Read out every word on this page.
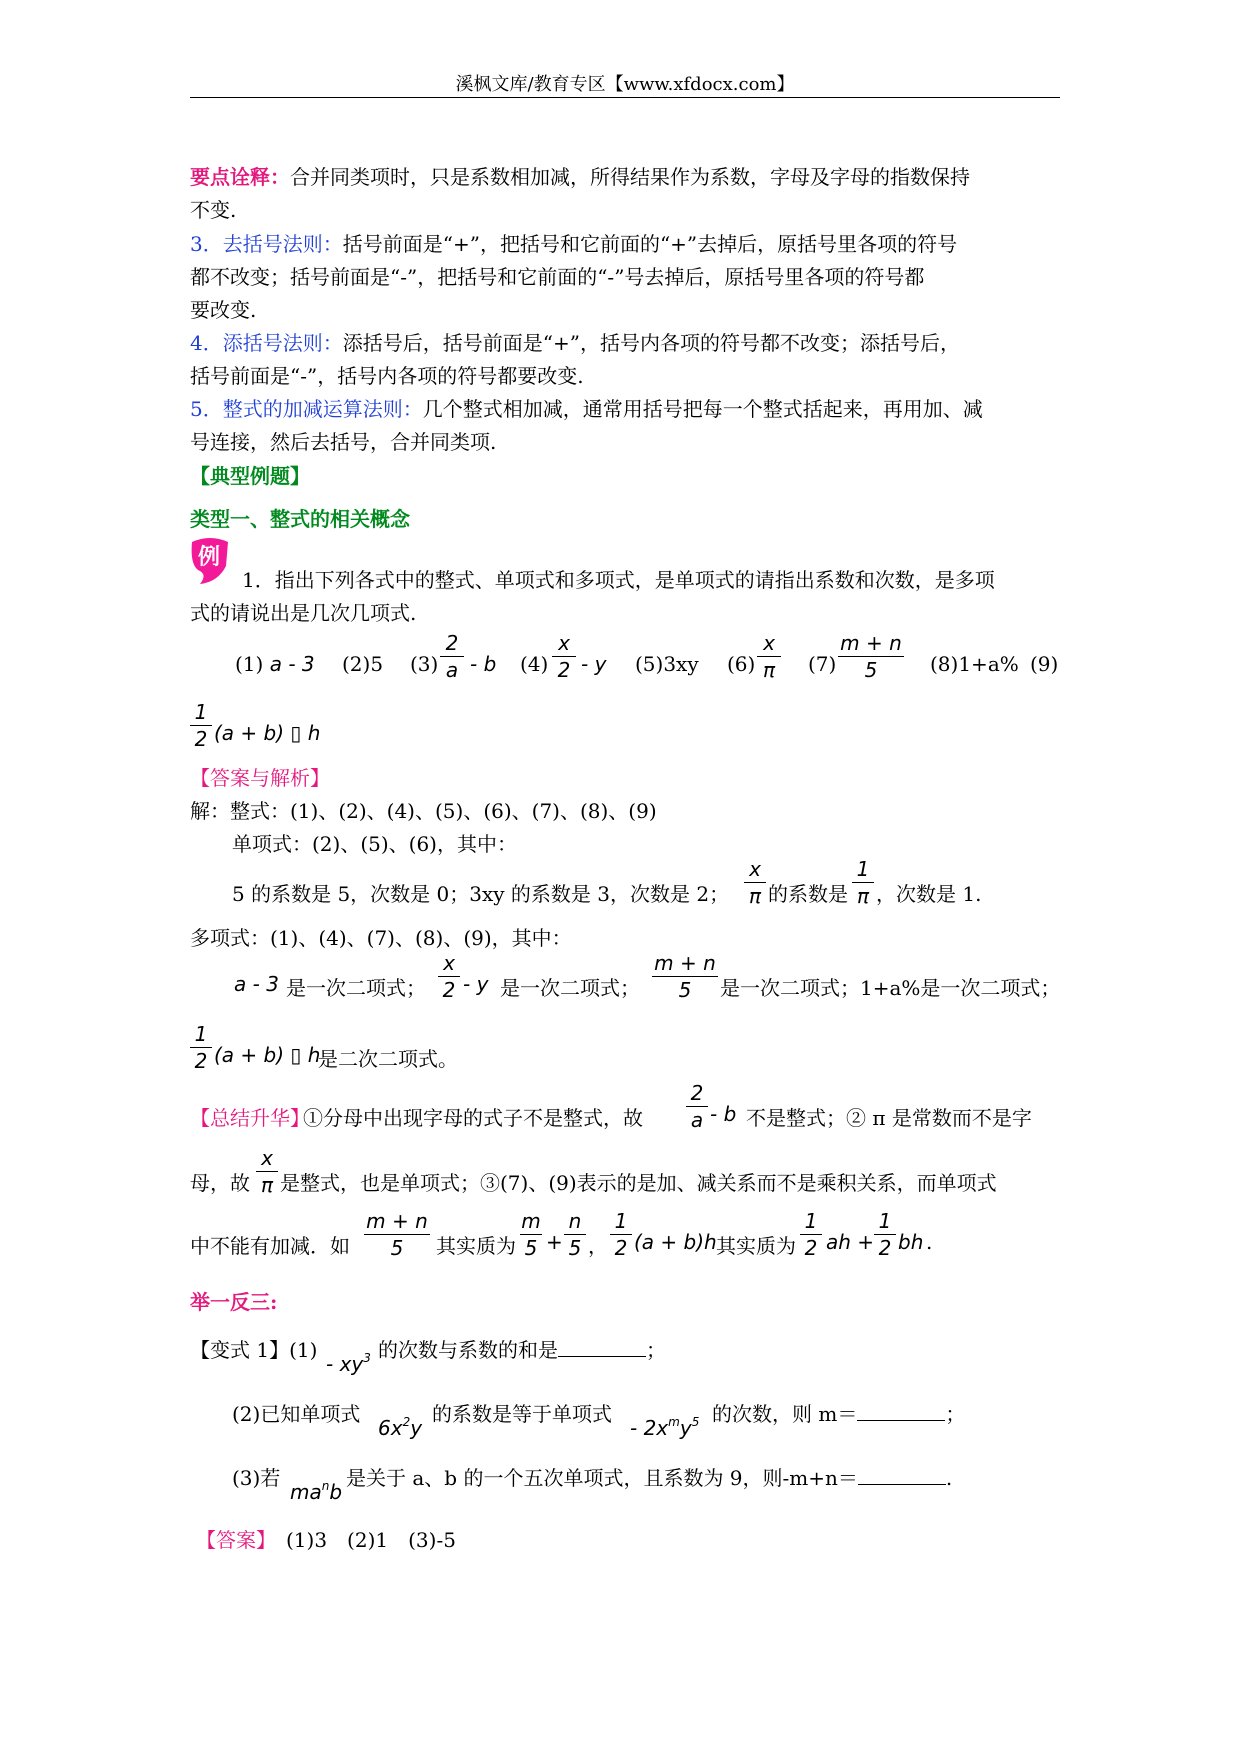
溪枫文库/教育专区【www.xfdocx.com】
要点诠释：合并同类项时，只是系数相加减，所得结果作为系数，字母及字母的指数保持
不变.
3．去括号法则：括号前面是“+”，把括号和它前面的“+”去掉后，原括号里各项的符号
都不改变；括号前面是“-”，把括号和它前面的“-”号去掉后，原括号里各项的符号都
要改变.
4．添括号法则：添括号后，括号前面是“+”，括号内各项的符号都不改变；添括号后，
括号前面是“-”，括号内各项的符号都要改变.
5．整式的加减运算法则：几个整式相加减，通常用括号把每一个整式括起来，再用加、减
号连接，然后去括号，合并同类项.
【典型例题】
类型一、整式的相关概念
例
1．指出下列各式中的整式、单项式和多项式，是单项式的请指出系数和次数，是多项
式的请说出是几次几项式.
(1) a - 3 (2)5 (3)
2
a - b (4)
x
2 - y (5)3xy (6)
x
π (7)
m + n
5	(8)1+a% (9)
1
2 (a + b) ▯ h
【答案与解析】
解：整式：(1)、(2)、(4)、(5)、(6)、(7)、(8)、(9)
单项式：(2)、(5)、(6)，其中：
5 的系数是 5，次数是 0；3xy 的系数是 3，次数是 2；
x
π 的系数是
1
π ，次数是 1.
多项式：(1)、(4)、(7)、(8)、(9)，其中：
a - 3 是一次二项式；
x
2 - y 是一次二项式；
m + n
5	是一次二项式；1+a%是一次二项式；
1
2 (a + b) ▯ h
是二次二项式。
【总结升华】
①分母中出现字母的式子不是整式，故
2
a - b 不是整式；② π 是常数而不是字
母，故
x
π 是整式，也是单项式；③(7)、(9)表示的是加、减关系而不是乘积关系，而单项式
中不能有加减．如
m + n
5	其实质为
m
5 +
n
5 ，
1
2 (a + b)h 其实质为
1
2 ah +
1
2 bh .
举一反三:
【变式 1】(1)
- $xy^3$ 的次数与系数的和是	；
(2)已知单项式
$6x^2y$
的系数是等于单项式
- $2x^my^5$ 的次数，则 m＝	；
(3)若
$ma^nb$
是关于 a、b 的一个五次单项式，且系数为 9，则-m+n＝	.
【答案】　 (1)3　(2)1　(3)-5
